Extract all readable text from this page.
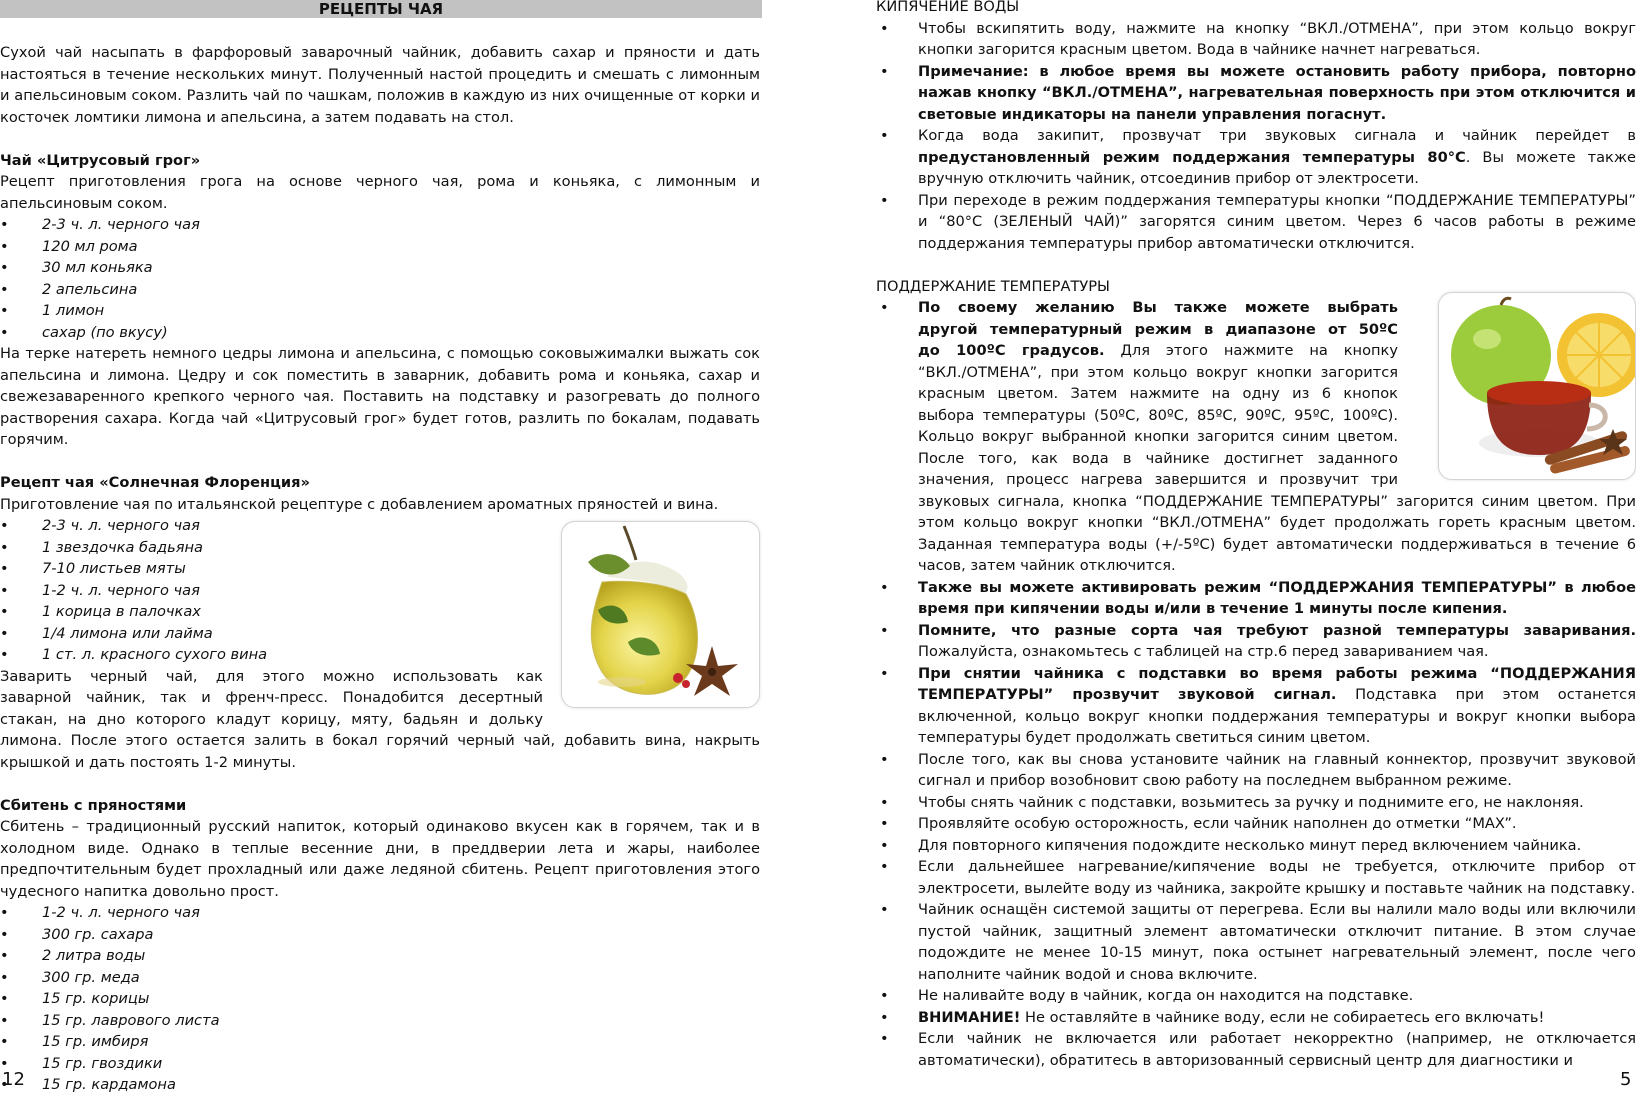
РЕЦЕПТЫ ЧАЯ

Сухой чай насыпать в фарфоровый заварочный чайник, добавить сахар и пряности и дать настояться в течение нескольких минут. Полученный настой процедить и смешать с лимонным и апельсиновым соком. Разлить чай по чашкам, положив в каждую из них очищенные от корки и косточек ломтики лимона и апельсина, а затем подавать на стол.

Чай «Цитрусовый грог»

Рецепт приготовления грога на основе черного чая, рома и коньяка, с лимонным и апельсиновым соком.

• 2-3 ч. л. черного чая
• 120 мл рома
• 30 мл коньяка
• 2 апельсина
• 1 лимон
• сахар (по вкусу)

На терке натереть немного цедры лимона и апельсина, с помощью соковыжималки выжать сок апельсина и лимона. Цедру и сок поместить в заварник, добавить рома и коньяка, сахар и свежезаваренного крепкого черного чая. Поставить на подставку и разогревать до полного растворения сахара. Когда чай «Цитрусовый грог» будет готов, разлить по бокалам, подавать горячим.

Рецепт чая «Солнечная Флоренция»

Приготовление чая по итальянской рецептуре с добавлением ароматных пряностей и вина.

• 2-3 ч. л. черного чая
• 1 звездочка бадьяна
• 7-10 листьев мяты
• 1-2 ч. л. черного чая
• 1 корица в палочках
• 1/4 лимона или лайма
• 1 ст. л. красного сухого вина

Заварить черный чай, для этого можно использовать как

заварной чайник, так и френч-пресс. Понадобится десертный

стакан, на дно которого кладут корицу, мяту, бадьян и дольку

лимона. После этого остается залить в бокал горячий черный чай, добавить вина, накрыть крышкой и дать постоять 1-2 минуты.

Сбитень с пряностями

Сбитень – традиционный русский напиток, который одинаково вкусен как в горячем, так и в холодном виде. Однако в теплые весенние дни, в преддверии лета и жары, наиболее предпочтительным будет прохладный или даже ледяной сбитень. Рецепт приготовления этого чудесного напитка довольно прост.

• 1-2 ч. л. черного чая
• 300 гр. сахара
• 2 литра воды
• 300 гр. меда
• 15 гр. корицы
• 15 гр. лаврового листа
• 15 гр. имбиря
• 15 гр. гвоздики
• 15 гр. кардамона
12

КИПЯЧЕНИЕ ВОДЫ

• Чтобы вскипятить воду, нажмите на кнопку “ВКЛ./ОТМЕНА”, при этом кольцо вокруг кнопки загорится красным цветом. Вода в чайнике начнет нагреваться.
• Примечание: в любое время вы можете остановить работу прибора, повторно нажав кнопку “ВКЛ./ОТМЕНА”, нагревательная поверхность при этом отключится и световые индикаторы на панели управления погаснут.
• Когда вода закипит, прозвучат три звуковых сигнала и чайник перейдет в предустановленный режим поддержания температуры 80°C. Вы можете также вручную отключить чайник, отсоединив прибор от электросети.
• При переходе в режим поддержания температуры кнопки “ПОДДЕРЖАНИЕ ТЕМПЕРАТУРЫ” и “80°С (ЗЕЛЕНЫЙ ЧАЙ)” загорятся синим цветом. Через 6 часов работы в режиме поддержания температуры прибор автоматически отключится.

ПОДДЕРЖАНИЕ ТЕМПЕРАТУРЫ

• По своему желанию Вы также можете выбрать

другой температурный режим в диапазоне от 50ºC

до 100ºС градусов. Для этого нажмите на кнопку

“ВКЛ./ОТМЕНА”, при этом кольцо вокруг кнопки загорится

красным цветом. Затем нажмите на одну из 6 кнопок

выбора температуры (50ºС, 80ºС, 85ºС, 90ºС, 95ºС, 100ºС).

Кольцо вокруг выбранной кнопки загорится синим цветом.

После того, как вода в чайнике достигнет заданного

значения, процесс нагрева завершится и прозвучит три

звуковых сигнала, кнопка “ПОДДЕРЖАНИЕ ТЕМПЕРАТУРЫ” загорится синим цветом. При этом кольцо вокруг кнопки “ВКЛ./ОТМЕНА” будет продолжать гореть красным цветом. Заданная температура воды (+/-5ºС) будет автоматически поддерживаться в течение 6 часов, затем чайник отключится.

• Также вы можете активировать режим “ПОДДЕРЖАНИЯ ТЕМПЕРАТУРЫ” в любое время при кипячении воды и/или в течение 1 минуты после кипения.
• Помните, что разные сорта чая требуют разной температуры заваривания. Пожалуйста, ознакомьтесь с таблицей на стр.6 перед завариванием чая.
• При снятии чайника с подставки во время работы режима “ПОДДЕРЖАНИЯ ТЕМПЕРАТУРЫ” прозвучит звуковой сигнал. Подставка при этом останется включенной, кольцо вокруг кнопки поддержания температуры и вокруг кнопки выбора температуры будет продолжать светиться синим цветом.
• После того, как вы снова установите чайник на главный коннектор, прозвучит звуковой сигнал и прибор возобновит свою работу на последнем выбранном режиме.
• Чтобы снять чайник с подставки, возьмитесь за ручку и поднимите его, не наклоняя.
• Проявляйте особую осторожность, если чайник наполнен до отметки “MAX”.
• Для повторного кипячения подождите несколько минут перед включением чайника.
• Если дальнейшее нагревание/кипячение воды не требуется, отключите прибор от электросети, вылейте воду из чайника, закройте крышку и поставьте чайник на подставку.
• Чайник оснащён системой защиты от перегрева. Если вы налили мало воды или включили пустой чайник, защитный элемент автоматически отключит питание. В этом случае подождите не менее 10-15 минут, пока остынет нагревательный элемент, после чего наполните чайник водой и снова включите.
• Не наливайте воду в чайник, когда он находится на подставке.
• ВНИМАНИЕ! Не оставляйте в чайнике воду, если не собираетесь его включать!
• Если чайник не включается или работает некорректно (например, не отключается автоматически), обратитесь в авторизованный сервисный центр для диагностики и
5
